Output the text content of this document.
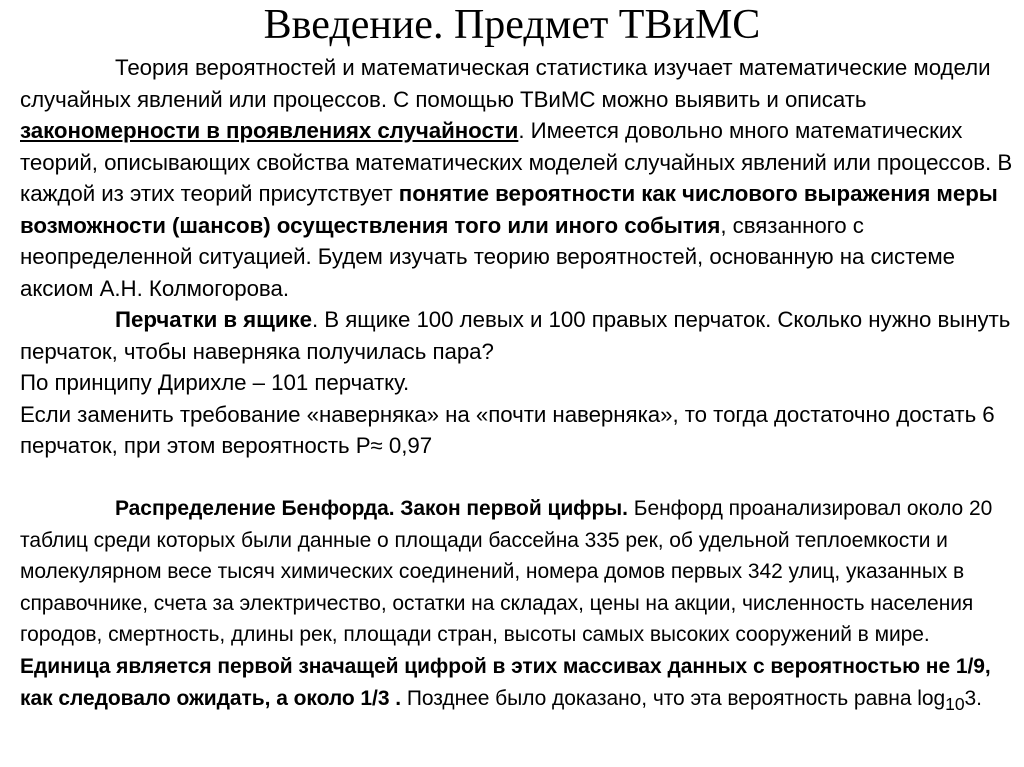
Введение. Предмет ТВиМС

Теория вероятностей и математическая статистика изучает математические модели случайных явлений или процессов. С помощью ТВиМС можно выявить и описать закономерности в проявлениях случайности. Имеется довольно много математических теорий, описывающих свойства математических моделей случайных явлений или процессов. В каждой из этих теорий присутствует понятие вероятности как числового выражения меры возможности (шансов) осуществления того или иного события, связанного с неопределенной ситуацией. Будем изучать теорию вероятностей, основанную на системе аксиом А.Н. Колмогорова.
Перчатки в ящике. В ящике 100 левых и 100 правых перчаток. Сколько нужно вынуть перчаток, чтобы наверняка получилась пара?
По принципу Дирихле – 101 перчатку.
Если заменить требование «наверняка» на «почти наверняка», то тогда достаточно достать 6 перчаток, при этом вероятность Р≈ 0,97

Распределение Бенфорда. Закон первой цифры. Бенфорд проанализировал около 20 таблиц среди которых были данные о площади бассейна 335 рек, об удельной теплоемкости и молекулярном весе тысяч химических соединений, номера домов первых 342 улиц, указанных в справочнике, счета за электричество, остатки на складах, цены на акции, численность населения городов, смертность, длины рек, площади стран, высоты самых высоких сооружений в мире.
Единица является первой значащей цифрой в этих массивах данных с вероятностью не 1/9, как следовало ожидать, а около 1/3 . Позднее было доказано, что эта вероятность равна $\log_{10}3$.
